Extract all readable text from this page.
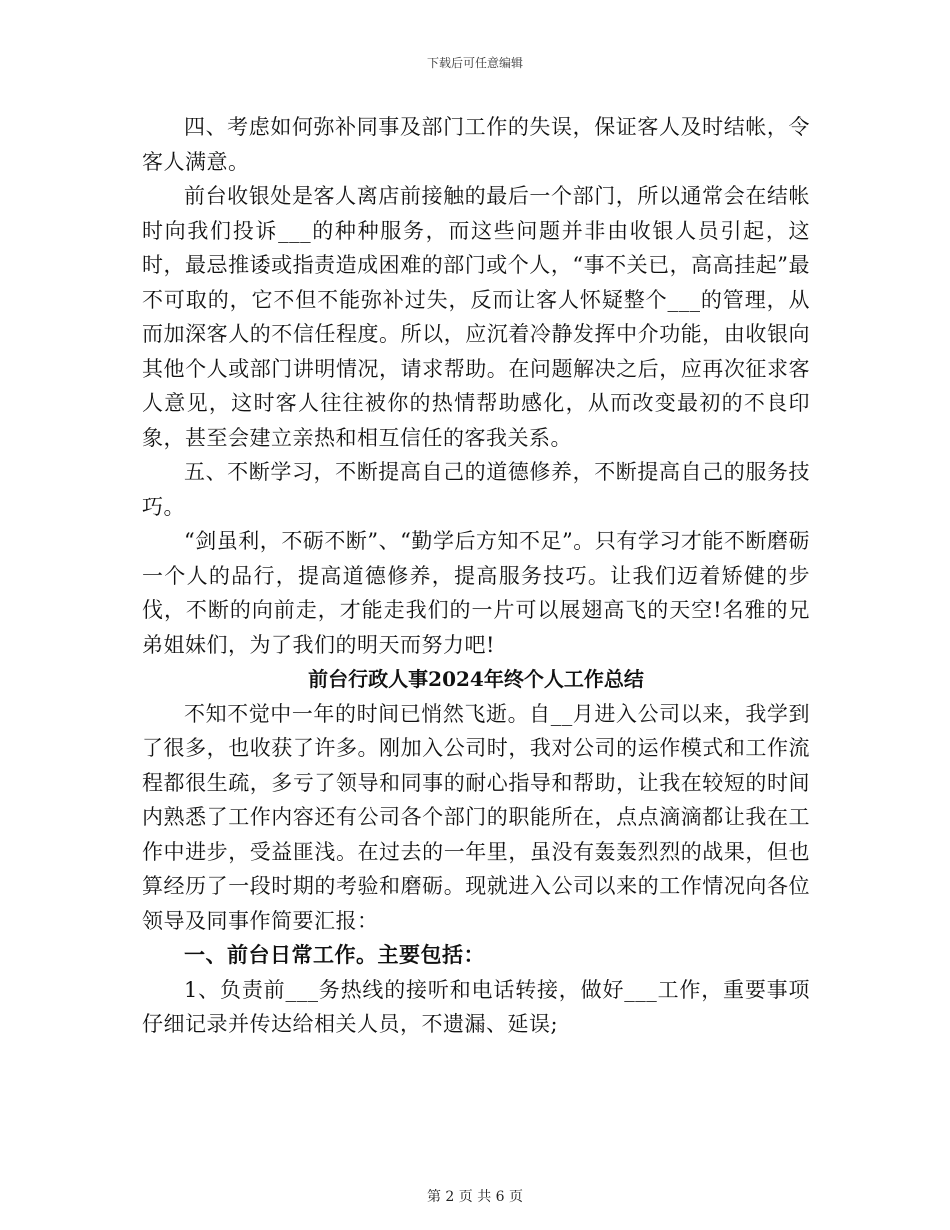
下载后可任意编辑

四、考虑如何弥补同事及部门工作的失误，保证客人及时结帐，令客人满意。

前台收银处是客人离店前接触的最后一个部门，所以通常会在结帐时向我们投诉___的种种服务，而这些问题并非由收银人员引起，这时，最忌推诿或指责造成困难的部门或个人，“事不关已，高高挂起”最不可取的，它不但不能弥补过失，反而让客人怀疑整个___的管理，从而加深客人的不信任程度。所以，应沉着冷静发挥中介功能，由收银向其他个人或部门讲明情况，请求帮助。在问题解决之后，应再次征求客人意见，这时客人往往被你的热情帮助感化，从而改变最初的不良印象，甚至会建立亲热和相互信任的客我关系。

五、不断学习，不断提高自己的道德修养，不断提高自己的服务技巧。

“剑虽利，不砺不断”、“勤学后方知不足”。只有学习才能不断磨砺一个人的品行，提高道德修养，提高服务技巧。让我们迈着矫健的步伐，不断的向前走，才能走我们的一片可以展翅高飞的天空!名雅的兄弟姐妹们，为了我们的明天而努力吧!

前台行政人事2024年终个人工作总结

不知不觉中一年的时间已悄然飞逝。自__月进入公司以来，我学到了很多，也收获了许多。刚加入公司时，我对公司的运作模式和工作流程都很生疏，多亏了领导和同事的耐心指导和帮助，让我在较短的时间内熟悉了工作内容还有公司各个部门的职能所在，点点滴滴都让我在工作中进步，受益匪浅。在过去的一年里，虽没有轰轰烈烈的战果，但也算经历了一段时期的考验和磨砺。现就进入公司以来的工作情况向各位领导及同事作简要汇报：

一、前台日常工作。主要包括：

1、负责前___务热线的接听和电话转接，做好___工作，重要事项仔细记录并传达给相关人员，不遗漏、延误;

第 2 页 共 6 页
